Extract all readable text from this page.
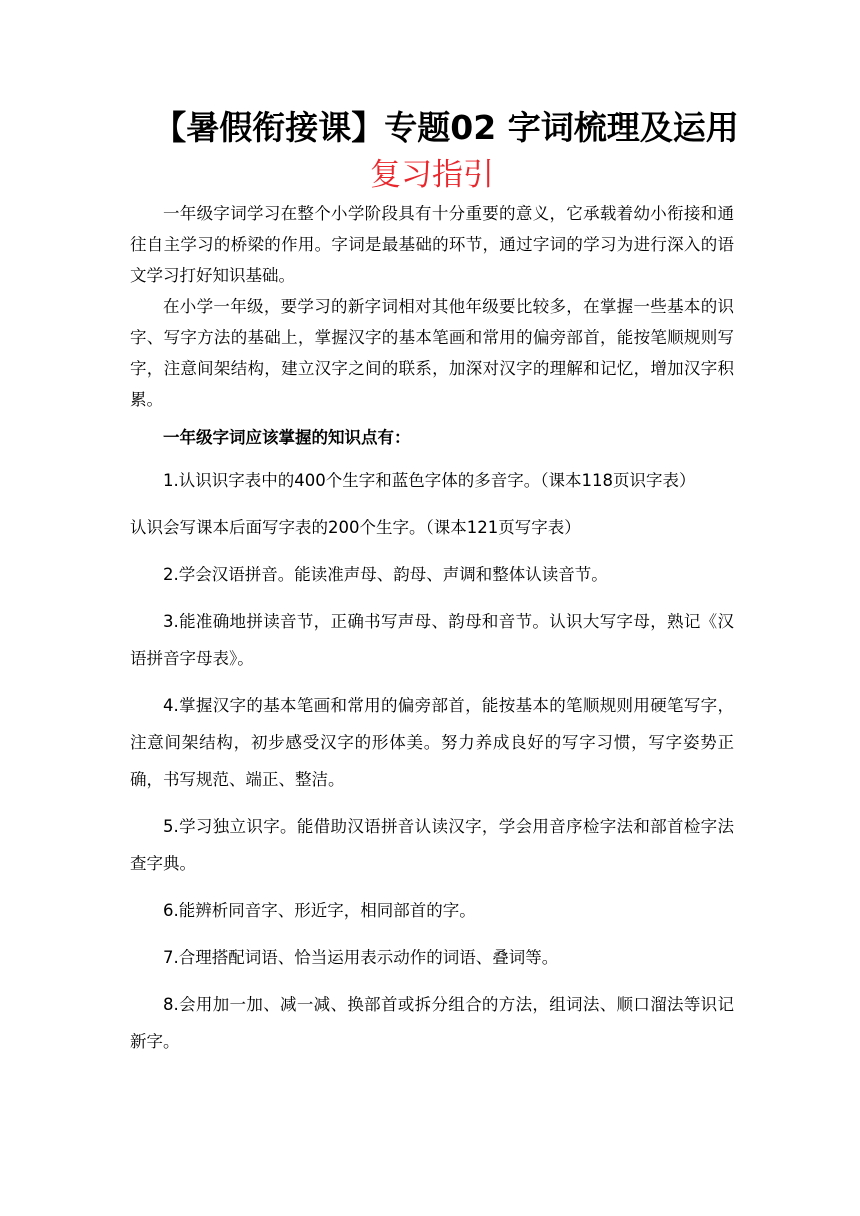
【暑假衔接课】专题02 字词梳理及运用
复习指引

一年级字词学习在整个小学阶段具有十分重要的意义，它承载着幼小衔接和通往自主学习的桥梁的作用。字词是最基础的环节，通过字词的学习为进行深入的语文学习打好知识基础。

在小学一年级，要学习的新字词相对其他年级要比较多，在掌握一些基本的识字、写字方法的基础上，掌握汉字的基本笔画和常用的偏旁部首，能按笔顺规则写字，注意间架结构，建立汉字之间的联系，加深对汉字的理解和记忆，增加汉字积累。

一年级字词应该掌握的知识点有：

1.认识识字表中的400个生字和蓝色字体的多音字。（课本118页识字表）

认识会写课本后面写字表的200个生字。（课本121页写字表）

2.学会汉语拼音。能读准声母、韵母、声调和整体认读音节。

3.能准确地拼读音节，正确书写声母、韵母和音节。认识大写字母，熟记《汉语拼音字母表》。

4.掌握汉字的基本笔画和常用的偏旁部首，能按基本的笔顺规则用硬笔写字，注意间架结构，初步感受汉字的形体美。努力养成良好的写字习惯，写字姿势正确，书写规范、端正、整洁。

5.学习独立识字。能借助汉语拼音认读汉字，学会用音序检字法和部首检字法查字典。

6.能辨析同音字、形近字，相同部首的字。

7.合理搭配词语、恰当运用表示动作的词语、叠词等。

8.会用加一加、减一减、换部首或拆分组合的方法，组词法、顺口溜法等识记新字。
